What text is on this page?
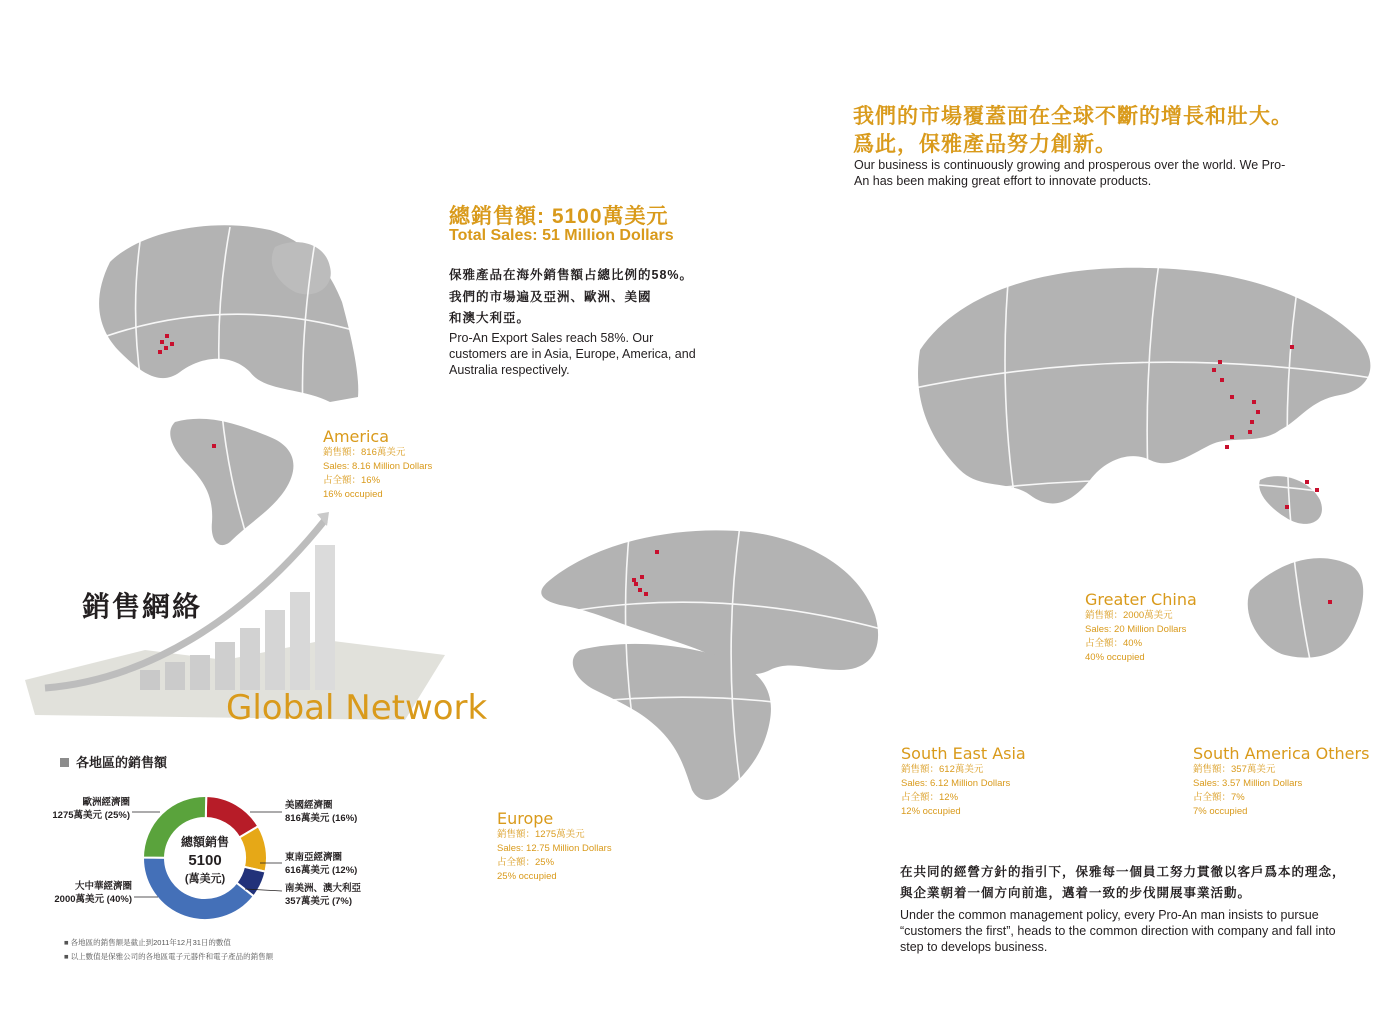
我們的市場覆蓋面在全球不斷的增長和壯大。
爲此，保雅產品努力創新。
Our business is continuously growing and prosperous over the world. We Pro-An has been making great effort to innovate products.
總銷售額: 5100萬美元
Total Sales: 51 Million Dollars
保雅產品在海外銷售額占總比例的58%。
我們的市場遍及亞洲、歐洲、美國
和澳大利亞。
Pro-An Export Sales reach 58%. Our customers are in Asia, Europe, America, and Australia respectively.
銷售網絡
Global Network
America
銷售額：816萬美元
Sales: 8.16 Million Dollars
占全額：16%
16% occupied
Europe
銷售額：1275萬美元
Sales: 12.75 Million Dollars
占全額：25%
25% occupied
Greater China
銷售額：2000萬美元
Sales: 20 Million Dollars
占全額：40%
40% occupied
South East Asia
銷售額：612萬美元
Sales: 6.12 Million Dollars
占全額：12%
12% occupied
South America Others
銷售額：357萬美元
Sales: 3.57 Million Dollars
占全額：7%
7% occupied
各地區的銷售額
總額銷售
5100
(萬美元)
歐洲經濟圈
1275萬美元 (25%)
美國經濟圈
816萬美元 (16%)
東南亞經濟圈
616萬美元 (12%)
南美洲、澳大利亞
357萬美元 (7%)
大中華經濟圈
2000萬美元 (40%)
■ 各地區的銷售額是截止到2011年12月31日的數值
■ 以上數值是保雅公司的各地區電子元器件和電子產品的銷售額
在共同的經營方針的指引下，保雅每一個員工努力貫徹以客戶爲本的理念，
與企業朝着一個方向前進，邁着一致的步伐開展事業活動。
Under the common management policy, every Pro-An man insists to pursue “customers the first”, heads to the common direction with company and fall into step to develops business.
